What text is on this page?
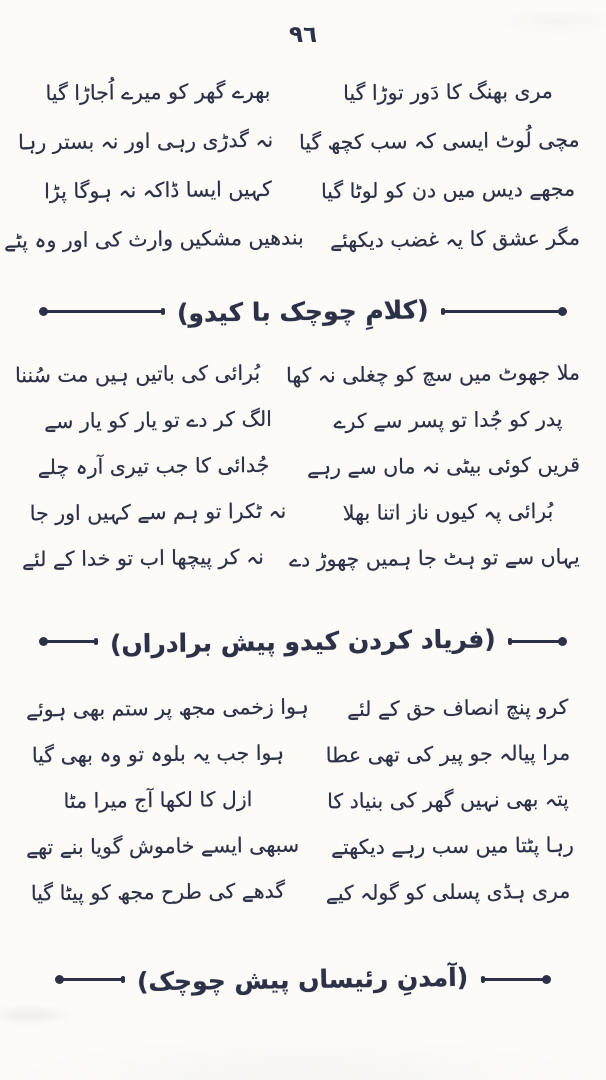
٩٦
مری بھنگ کا دَور توڑا گیا
بھرے گھر کو میرے اُجاڑا گیا
مچی لُوٹ ایسی کہ سب کچھ گیا
نہ گدڑی رہی اور نہ بستر رہا
مجھے دیس میں دن کو لوٹا گیا
کہیں ایسا ڈاکہ نہ ہوگا پڑا
مگر عشق کا یہ غضب دیکھئے
بندھیں مشکیں وارث کی اور وہ پٹے
(کلامِ چوچک با کیدو)
ملا جھوٹ میں سچ کو چغلی نہ کھا
بُرائی کی باتیں ہیں مت سُننا
پدر کو جُدا تو پسر سے کرے
الگ کر دے تو یار کو یار سے
قریں کوئی بیٹی نہ ماں سے رہے
جُدائی کا جب تیری آرہ چلے
بُرائی پہ کیوں ناز اتنا بھلا
نہ ٹکرا تو ہم سے کہیں اور جا
یہاں سے تو ہٹ جا ہمیں چھوڑ دے
نہ کر پیچھا اب تو خدا کے لئے
(فریاد کردن کیدو پیش برادراں)
کرو پنچ انصاف حق کے لئے
ہوا زخمی مجھ پر ستم بھی ہوئے
مرا پیالہ جو پیر کی تھی عطا
ہوا جب یہ بلوہ تو وہ بھی گیا
پتہ بھی نہیں گھر کی بنیاد کا
ازل کا لکھا آج میرا مٹا
رہا پٹتا میں سب رہے دیکھتے
سبھی ایسے خاموش گویا بنے تھے
مری ہڈی پسلی کو گولہ کیے
گدھے کی طرح مجھ کو پیٹا گیا
(آمدنِ رئیساں پیش چوچک)
